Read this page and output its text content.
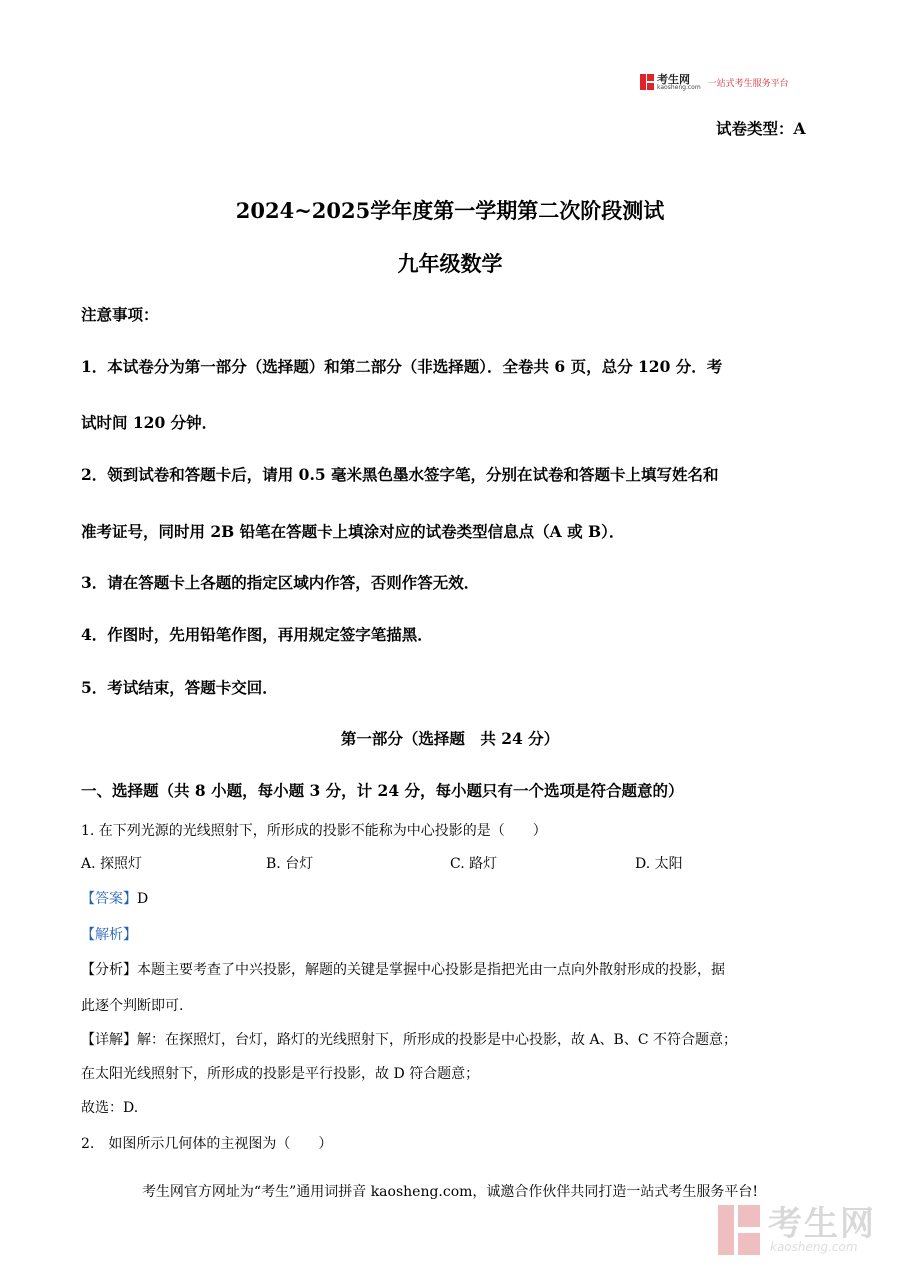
考生网
kaosheng.com 一站式考生服务平台
试卷类型：A
2024~2025学年度第一学期第二次阶段测试
九年级数学
注意事项：
1．本试卷分为第一部分（选择题）和第二部分（非选择题）．全卷共 6 页，总分 120 分．考
试时间 120 分钟．
2．领到试卷和答题卡后，请用 0.5 毫米黑色墨水签字笔，分别在试卷和答题卡上填写姓名和
准考证号，同时用 2B 铅笔在答题卡上填涂对应的试卷类型信息点（A 或 B）．
3．请在答题卡上各题的指定区域内作答，否则作答无效．
4．作图时，先用铅笔作图，再用规定签字笔描黑．
5．考试结束，答题卡交回．
第一部分（选择题　共 24 分）
一、选择题（共 8 小题，每小题 3 分，计 24 分，每小题只有一个选项是符合题意的）
1. 在下列光源的光线照射下，所形成的投影不能称为中心投影的是（　　）
A. 探照灯	B. 台灯	C. 路灯	D. 太阳
【答案】D
【解析】
【分析】本题主要考查了中兴投影，解题的关键是掌握中心投影是指把光由一点向外散射形成的投影，据
此逐个判断即可.
【详解】解：在探照灯，台灯，路灯的光线照射下，所形成的投影是中心投影，故 A、B、C 不符合题意；
在太阳光线照射下，所形成的投影是平行投影，故 D 符合题意；
故选：D.
2.　如图所示几何体的主视图为（　　）
考生网官方网址为“考生”通用词拼音 kaosheng.com，诚邀合作伙伴共同打造一站式考生服务平台!
考生网
kaosheng.com
